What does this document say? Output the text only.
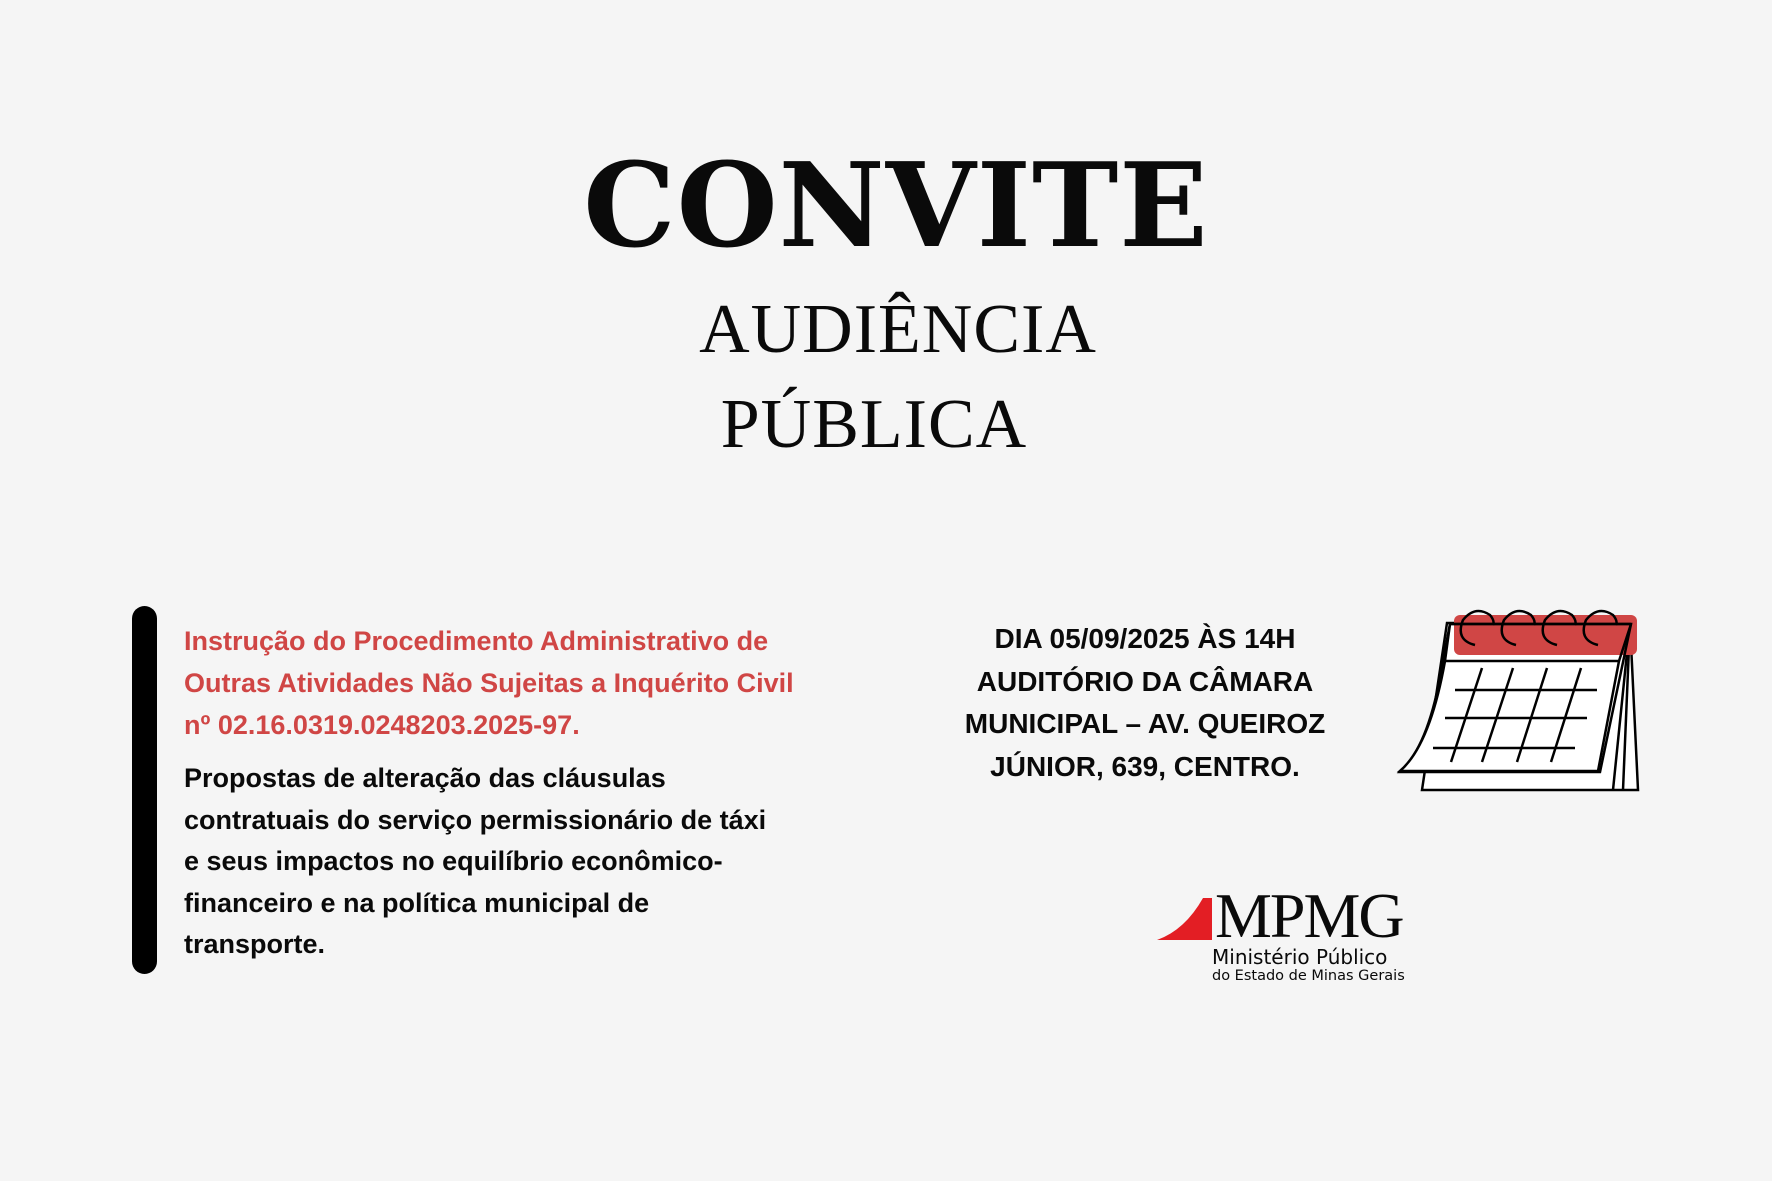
CONVITE
AUDIÊNCIA
PÚBLICA

Instrução do Procedimento Administrativo de
Outras Atividades Não Sujeitas a Inquérito Civil
nº 02.16.0319.0248203.2025-97.

Propostas de alteração das cláusulas
contratuais do serviço permissionário de táxi
e seus impactos no equilíbrio econômico-
financeiro e na política municipal de
transporte.

DIA 05/09/2025 ÀS 14H
AUDITÓRIO DA CÂMARA
MUNICIPAL – AV. QUEIROZ
JÚNIOR, 639, CENTRO.
MPMG
Ministério Público
do Estado de Minas Gerais
